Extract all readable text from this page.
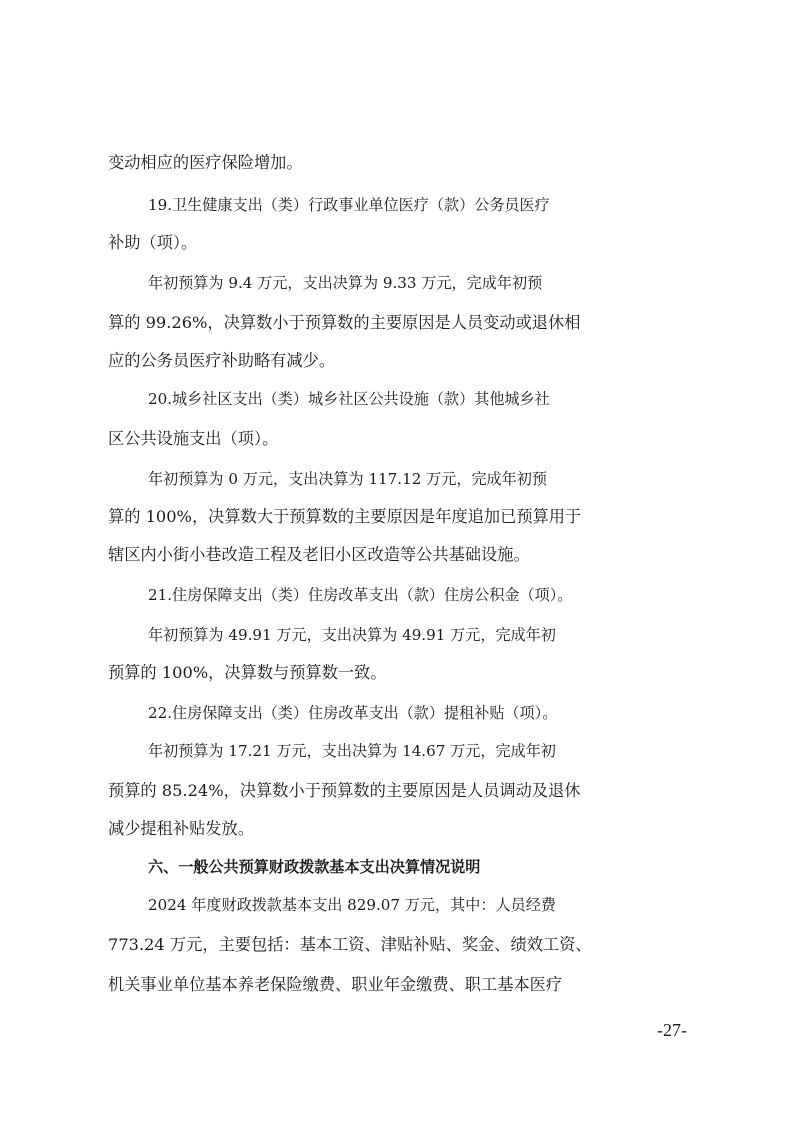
变动相应的医疗保险增加。
19.卫生健康支出（类）行政事业单位医疗（款）公务员医疗
补助（项）。
年初预算为 9.4 万元，支出决算为 9.33 万元，完成年初预
算的 99.26%，决算数小于预算数的主要原因是人员变动或退休相
应的公务员医疗补助略有减少。
20.城乡社区支出（类）城乡社区公共设施（款）其他城乡社
区公共设施支出（项）。
年初预算为 0 万元，支出决算为 117.12 万元，完成年初预
算的 100%，决算数大于预算数的主要原因是年度追加已预算用于
辖区内小街小巷改造工程及老旧小区改造等公共基础设施。
21.住房保障支出（类）住房改革支出（款）住房公积金（项）。
年初预算为 49.91 万元，支出决算为 49.91 万元，完成年初
预算的 100%，决算数与预算数一致。
22.住房保障支出（类）住房改革支出（款）提租补贴（项）。
年初预算为 17.21 万元，支出决算为 14.67 万元，完成年初
预算的 85.24%，决算数小于预算数的主要原因是人员调动及退休
减少提租补贴发放。
六、一般公共预算财政拨款基本支出决算情况说明
2024 年度财政拨款基本支出 829.07 万元，其中：人员经费
773.24 万元，主要包括：基本工资、津贴补贴、奖金、绩效工资、
机关事业单位基本养老保险缴费、职业年金缴费、职工基本医疗
-27-
